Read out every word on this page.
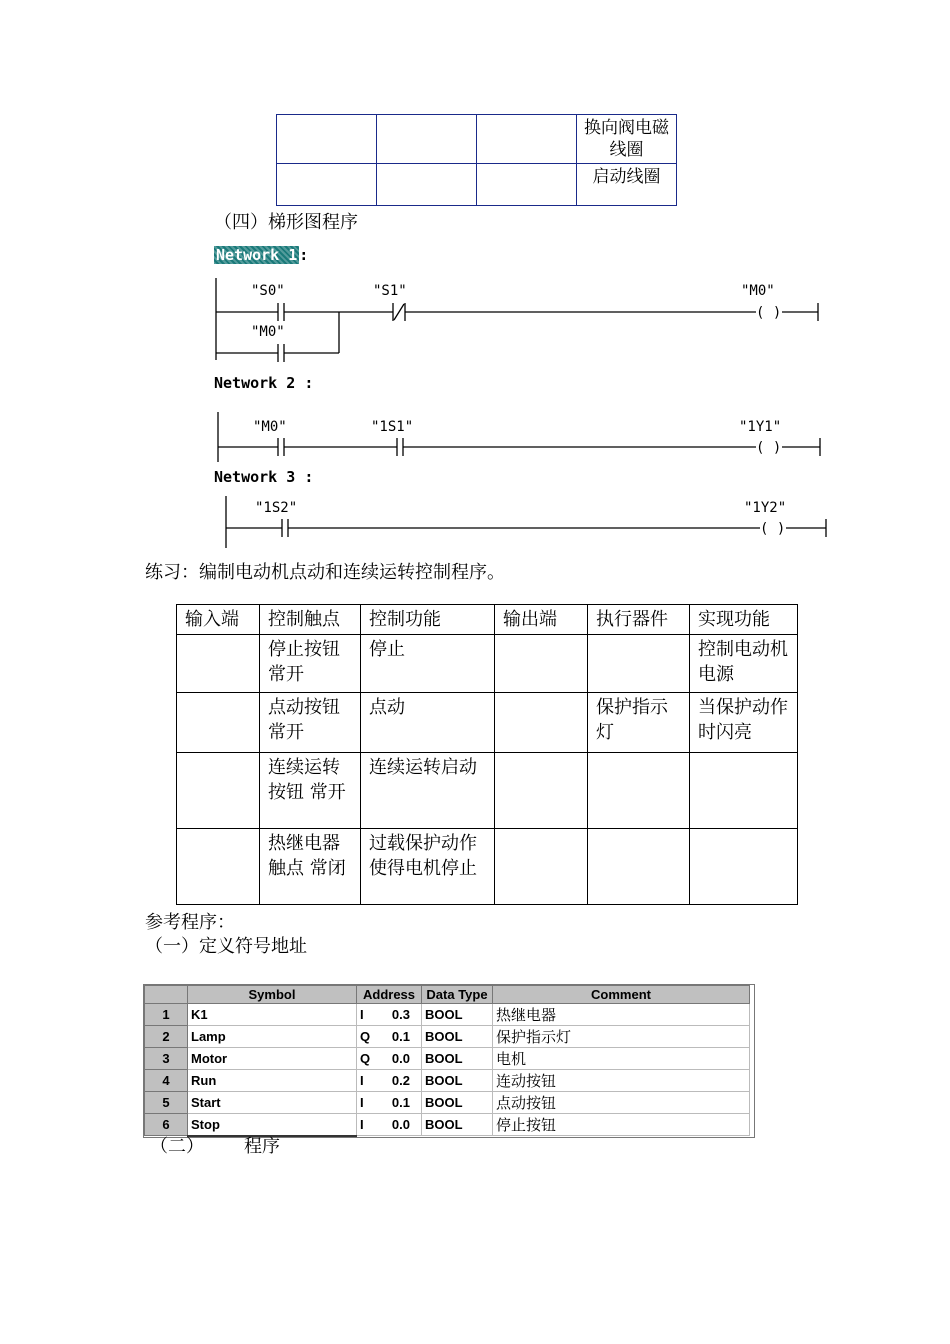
			换向阀电磁线圈
			启动线圈
（四）梯形图程序
"S0"	"S1"	"M0"
( )
"M0"
"M0"	"1S1"	"1Y1"
( )
"1S2"	"1Y2"
( )
Network 1 :
Network 2 :
Network 3 :
练习：编制电动机点动和连续运转控制程序。
输入端	控制触点	控制功能	输出端	执行器件	实现功能
	停止按钮 常开	停止			控制电动机电源
	点动按钮 常开	点动		保护指示灯	当保护动作时闪亮
	连续运转按钮 常开	连续运转启动			
	热继电器触点 常闭	过载保护动作使得电机停止			
参考程序：
（一）定义符号地址
	Symbol	Address	Data Type	Comment
1	K1	I 0.3	BOOL	热继电器
2	Lamp	Q 0.1	BOOL	保护指示灯
3	Motor	Q 0.0	BOOL	电机
4	Run	I 0.2	BOOL	连动按钮
5	Start	I 0.1	BOOL	点动按钮
6	Stop	I 0.0	BOOL	停止按钮
（二） 程序
